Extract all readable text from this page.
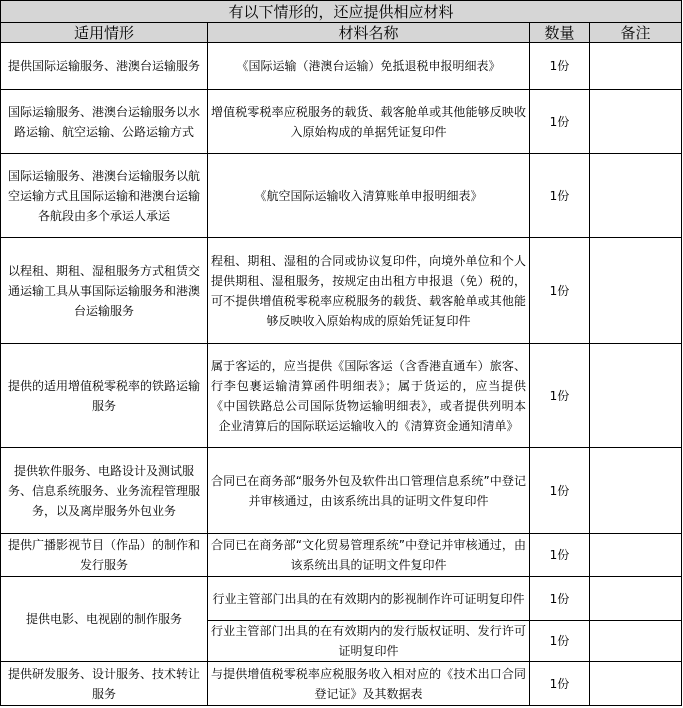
有以下情形的，还应提供相应材料			
适用情形	材料名称	数量	备注
提供国际运输服务、港澳台运输服务	《国际运输（港澳台运输）免抵退税申报明细表》	1份	
国际运输服务、港澳台运输服务以水路运输、航空运输、公路运输方式	增值税零税率应税服务的载货、载客舱单或其他能够反映收入原始构成的单据凭证复印件	1份	
国际运输服务、港澳台运输服务以航空运输方式且国际运输和港澳台运输各航段由多个承运人承运	《航空国际运输收入清算账单申报明细表》	1份	
以程租、期租、湿租服务方式租赁交通运输工具从事国际运输服务和港澳台运输服务	程租、期租、湿租的合同或协议复印件，向境外单位和个人提供期租、湿租服务，按规定由出租方申报退（免）税的，可不提供增值税零税率应税服务的载货、载客舱单或其他能够反映收入原始构成的原始凭证复印件	1份	
提供的适用增值税零税率的铁路运输服务	属于客运的，应当提供《国际客运（含香港直通车）旅客、行李包裹运输清算函件明细表》；属于货运的，应当提供《中国铁路总公司国际货物运输明细表》，或者提供列明本企业清算后的国际联运运输收入的《清算资金通知清单》	1份	
提供软件服务、电路设计及测试服务、信息系统服务、业务流程管理服务，以及离岸服务外包业务	合同已在商务部“服务外包及软件出口管理信息系统”中登记并审核通过，由该系统出具的证明文件复印件	1份	
提供广播影视节目（作品）的制作和发行服务	合同已在商务部“文化贸易管理系统”中登记并审核通过，由该系统出具的证明文件复印件	1份	
提供电影、电视剧的制作服务	行业主管部门出具的在有效期内的影视制作许可证明复印件	1份	
	行业主管部门出具的在有效期内的发行版权证明、发行许可证明复印件	1份	
提供研发服务、设计服务、技术转让服务	与提供增值税零税率应税服务收入相对应的《技术出口合同登记证》及其数据表	1份	
